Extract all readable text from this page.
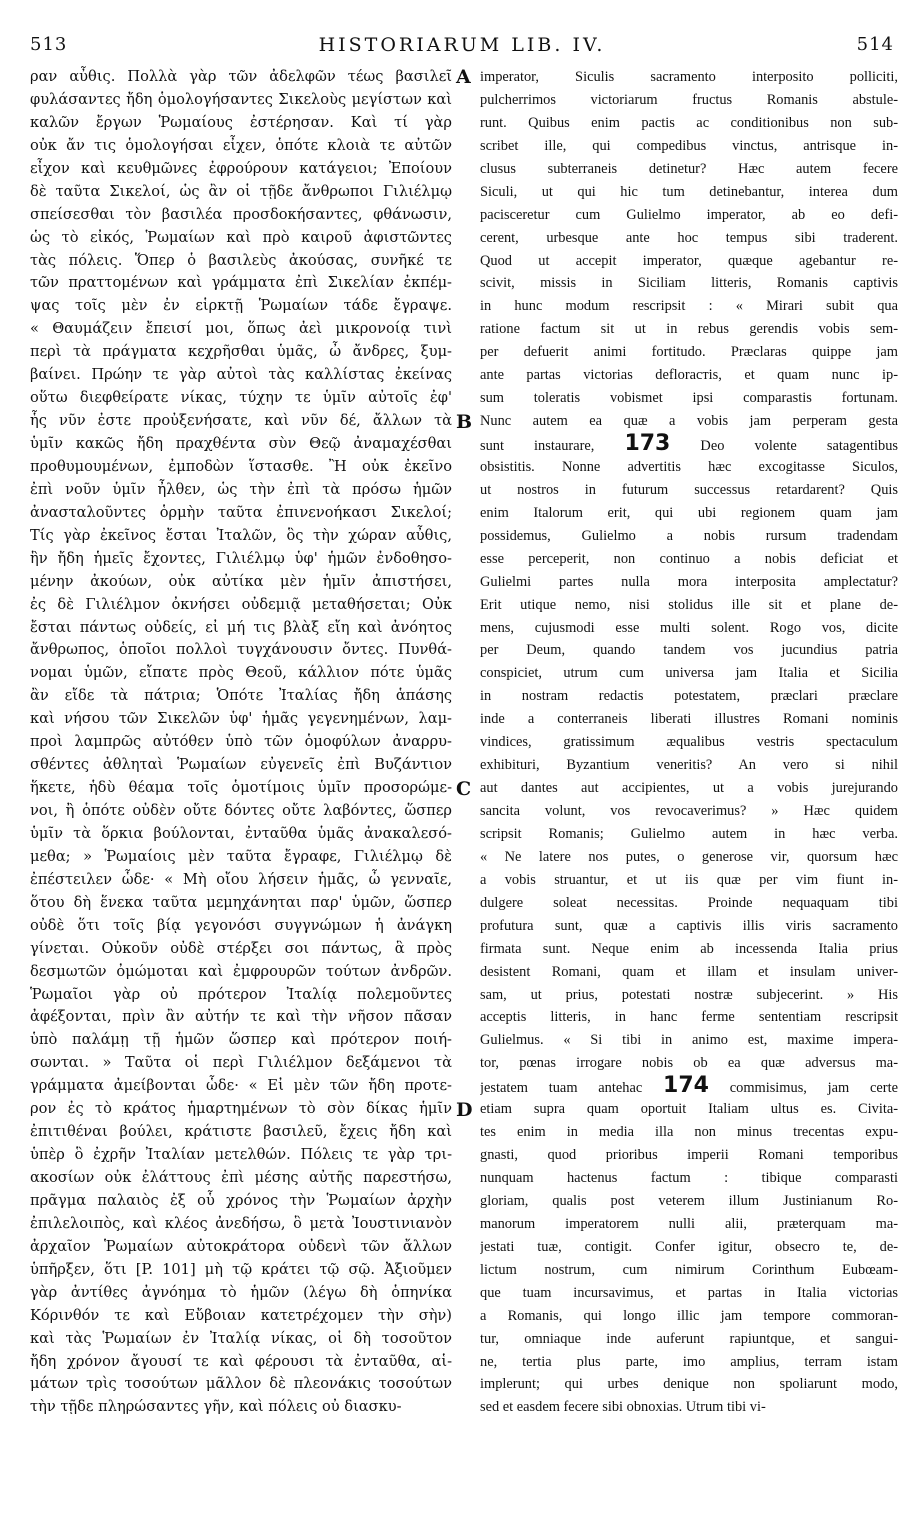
513	HISTORIARUM LIB. IV.	514
ραν αὖθις. Πολλὰ γὰρ τῶν ἀδελφῶν τέως βασιλεῖ
φυλάσαντες ἤδη ὁμολογήσαντες Σικελοὺς μεγίστων καὶ
καλῶν ἔργων Ῥωμαίους ἐστέρησαν. Καὶ τί γὰρ
οὐκ ἄν τις ὁμολογήσαι εἶχεν, ὁπότε κλοιὰ τε αὐτῶν
εἶχον καὶ κευθμῶνες ἐφρούρουν κατάγειοι; Ἐποίουν
δὲ ταῦτα Σικελοί, ὡς ἂν οἱ τῇδε ἄνθρωποι Γιλιέλμῳ
σπείσεσθαι τὸν βασιλέα προσδοκήσαντες, φθάνωσιν,
ὡς τὸ εἰκός, Ῥωμαίων καὶ πρὸ καιροῦ ἀφιστῶντες
τὰς πόλεις. Ὅπερ ὁ βασιλεὺς ἀκούσας, συνῆκέ τε
τῶν πραττομένων καὶ γράμματα ἐπὶ Σικελίαν ἐκπέμ-
ψας τοῖς μὲν ἐν εἱρκτῇ Ῥωμαίων τάδε ἔγραψε.
« Θαυμάζειν ἔπεισί μοι, ὅπως ἀεὶ μικρονοίᾳ τινὶ
περὶ τὰ πράγματα κεχρῆσθαι ὑμᾶς, ὦ ἄνδρες, ξυμ-
βαίνει. Πρώην τε γὰρ αὐτοὶ τὰς καλλίστας ἐκείνας
οὕτω διεφθείρατε νίκας, τύχην τε ὑμῖν αὐτοῖς ἐφ'
ἧς νῦν ἐστε προὐξενήσατε, καὶ νῦν δέ, ἄλλων τὰ
ὑμῖν κακῶς ἤδη πραχθέντα σὺν Θεῷ ἀναμαχέσθαι
προθυμουμένων, ἐμποδὼν ἵστασθε. Ἢ οὐκ ἐκεῖνο
ἐπὶ νοῦν ὑμῖν ἦλθεν, ὡς τὴν ἐπὶ τὰ πρόσω ἡμῶν
ἀνασταλοῦντες ὁρμὴν ταῦτα ἐπινενοήκασι Σικελοί;
Τίς γὰρ ἐκεῖνος ἔσται Ἰταλῶν, ὃς τὴν χώραν αὖθις,
ἣν ἤδη ἡμεῖς ἔχοντες, Γιλιέλμῳ ὑφ' ἡμῶν ἐνδοθησο-
μένην ἀκούων, οὐκ αὐτίκα μὲν ἡμῖν ἀπιστήσει,
ἐς δὲ Γιλιέλμον ὀκνήσει οὐδεμιᾷ μεταθήσεται; Οὐκ
ἔσται πάντως οὐδείς, εἰ μή τις βλὰξ εἴη καὶ ἀνόητος
ἄνθρωπος, ὁποῖοι πολλοὶ τυγχάνουσιν ὄντες. Πυνθά-
νομαι ὑμῶν, εἴπατε πρὸς Θεοῦ, κάλλιον πότε ὑμᾶς
ἂν εἴδε τὰ πάτρια; Ὁπότε Ἰταλίας ἤδη ἁπάσης
καὶ νήσου τῶν Σικελῶν ὑφ' ἡμᾶς γεγενημένων, λαμ-
προὶ λαμπρῶς αὐτόθεν ὑπὸ τῶν ὁμοφύλων ἀναρρυ-
σθέντες ἀθληταὶ Ῥωμαίων εὐγενεῖς ἐπὶ Βυζάντιον
ἥκετε, ἡδὺ θέαμα τοῖς ὁμοτίμοις ὑμῖν προσορώμε-
νοι, ἢ ὁπότε οὐδὲν οὔτε δόντες οὔτε λαβόντες, ὥσπερ
ὑμῖν τὰ ὅρκια βούλονται, ἐνταῦθα ὑμᾶς ἀνακαλεσό-
μεθα; » Ῥωμαίοις μὲν ταῦτα ἔγραφε, Γιλιέλμῳ δὲ
ἐπέστειλεν ὧδε· « Μὴ οἴου λήσειν ἡμᾶς, ὦ γενναῖε,
ὅτου δὴ ἕνεκα ταῦτα μεμηχάνηται παρ' ὑμῶν, ὥσπερ
οὐδὲ ὅτι τοῖς βίᾳ γεγονόσι συγγνώμων ἡ ἀνάγκη
γίνεται. Οὐκοῦν οὐδὲ στέρξει σοι πάντως, ἃ πρὸς
δεσμωτῶν ὀμώμοται καὶ ἐμφρουρῶν τούτων ἀνδρῶν.
Ῥωμαῖοι γὰρ οὐ πρότερον Ἰταλίᾳ πολεμοῦντες
ἀφέξονται, πρὶν ἂν αὐτήν τε καὶ τὴν νῆσον πᾶσαν
ὑπὸ παλάμῃ τῇ ἡμῶν ὥσπερ καὶ πρότερον ποιή-
σωνται. » Ταῦτα οἱ περὶ Γιλιέλμον δεξάμενοι τὰ
γράμματα ἀμείβονται ὧδε· « Εἰ μὲν τῶν ἤδη προτε-
ρον ἐς τὸ κράτος ἡμαρτημένων τὸ σὸν δίκας ἡμῖν
ἐπιτιθέναι βούλει, κράτιστε βασιλεῦ, ἔχεις ἤδη καὶ
ὑπὲρ ὃ ἐχρῆν Ἰταλίαν μετελθών. Πόλεις τε γὰρ τρι-
ακοσίων οὐκ ἐλάττους ἐπὶ μέσης αὐτῆς παρεστήσω,
πρᾶγμα παλαιὸς ἐξ οὗ χρόνος τὴν Ῥωμαίων ἀρχὴν
ἐπιλελοιπὸς, καὶ κλέος ἀνεδήσω, ὃ μετὰ Ἰουστινιανὸν
ἀρχαῖον Ῥωμαίων αὐτοκράτορα οὐδενὶ τῶν ἄλλων
ὑπῆρξεν, ὅτι [P. 101] μὴ τῷ κράτει τῷ σῷ. Ἀξιοῦμεν
γὰρ ἀντίθες ἀγνόημα τὸ ἡμῶν (λέγω δὴ ὁπηνίκα
Κόρινθόν τε καὶ Εὔβοιαν κατετρέχομεν τὴν σὴν)
καὶ τὰς Ῥωμαίων ἐν Ἰταλίᾳ νίκας, οἱ δὴ τοσοῦτον
ἤδη χρόνον ἄγουσί τε καὶ φέρουσι τὰ ἐνταῦθα, αἱ-
μάτων τρὶς τοσούτων μᾶλλον δὲ πλεονάκις τοσούτων
τὴν τῇδε πληρώσαντες γῆν, καὶ πόλεις οὐ διασκυ-
A
B
C
D
imperator, Siculis sacramento interposito polliciti,
pulcherrimos victoriarum fructus Romanis abstule-
runt. Quibus enim pactis ac conditionibus non sub-
scribet ille, qui compedibus vinctus, antrisque in-
clusus subterraneis detinetur? Hæc autem fecere
Siculi, ut qui hic tum detinebantur, interea dum
pacisceretur cum Gulielmo imperator, ab eo defi-
cerent, urbesque ante hoc tempus sibi traderent.
Quod ut accepit imperator, quæque agebantur re-
scivit, missis in Siciliam litteris, Romanis captivis
in hunc modum rescripsit : « Mirari subit qua
ratione factum sit ut in rebus gerendis vobis sem-
per defuerit animi fortitudo. Præclaras quippe jam
ante partas victorias defloraстis, et quam nunc ip-
sum toleratis vobismet ipsi comparastis fortunam.
Nunc autem ea quæ a vobis jam perperam gesta
sunt instaurare, 173 Deo volente satagentibus
obsistitis. Nonne advertitis hæc excogitasse Siculos,
ut nostros in futurum successus retardarent? Quis
enim Italorum erit, qui ubi regionem quam jam
possidemus, Gulielmo a nobis rursum tradendam
esse perceperit, non continuo a nobis deficiat et
Gulielmi partes nulla mora interposita amplectatur?
Erit utique nemo, nisi stolidus ille sit et plane de-
mens, cujusmodi esse multi solent. Rogo vos, dicite
per Deum, quando tandem vos jucundius patria
conspiciet, utrum cum universa jam Italia et Sicilia
in nostram redactis potestatem, præclari præclare
inde a conterraneis liberati illustres Romani nominis
vindices, gratissimum æqualibus vestris spectaculum
exhibituri, Byzantium veneritis? An vero si nihil
aut dantes aut accipientes, ut a vobis jurejurando
sancita volunt, vos revocaverimus? » Hæc quidem
scripsit Romanis; Gulielmo autem in hæc verba.
« Ne latere nos putes, o generose vir, quorsum hæc
a vobis struantur, et ut iis quæ per vim fiunt in-
dulgere soleat necessitas. Proinde nequaquam tibi
profutura sunt, quæ a captivis illis viris sacramento
firmata sunt. Neque enim ab incessenda Italia prius
desistent Romani, quam et illam et insulam univer-
sam, ut prius, potestati nostræ subjecerint. » His
acceptis litteris, in hanc ferme sententiam rescripsit
Gulielmus. « Si tibi in animo est, maxime impera-
tor, pœnas irrogare nobis ob ea quæ adversus ma-
jestatem tuam antehac 174 commisimus, jam certe
etiam supra quam oportuit Italiam ultus es. Civita-
tes enim in media illa non minus trecentas expu-
gnasti, quod prioribus imperii Romani temporibus
nunquam hactenus factum : tibique comparasti
gloriam, qualis post veterem illum Justinianum Ro-
manorum imperatorem nulli alii, præterquam ma-
jestati tuæ, contigit. Confer igitur, obsecro te, de-
lictum nostrum, cum nimirum Corinthum Eubœam-
que tuam incursavimus, et partas in Italia victorias
a Romanis, qui longo illic jam tempore commoran-
tur, omniaque inde auferunt rapiuntque, et sangui-
ne, tertia plus parte, imo amplius, terram istam
implerunt; qui urbes denique non spoliarunt modo,
sed et easdem fecere sibi obnoxias. Utrum tibi vi-
